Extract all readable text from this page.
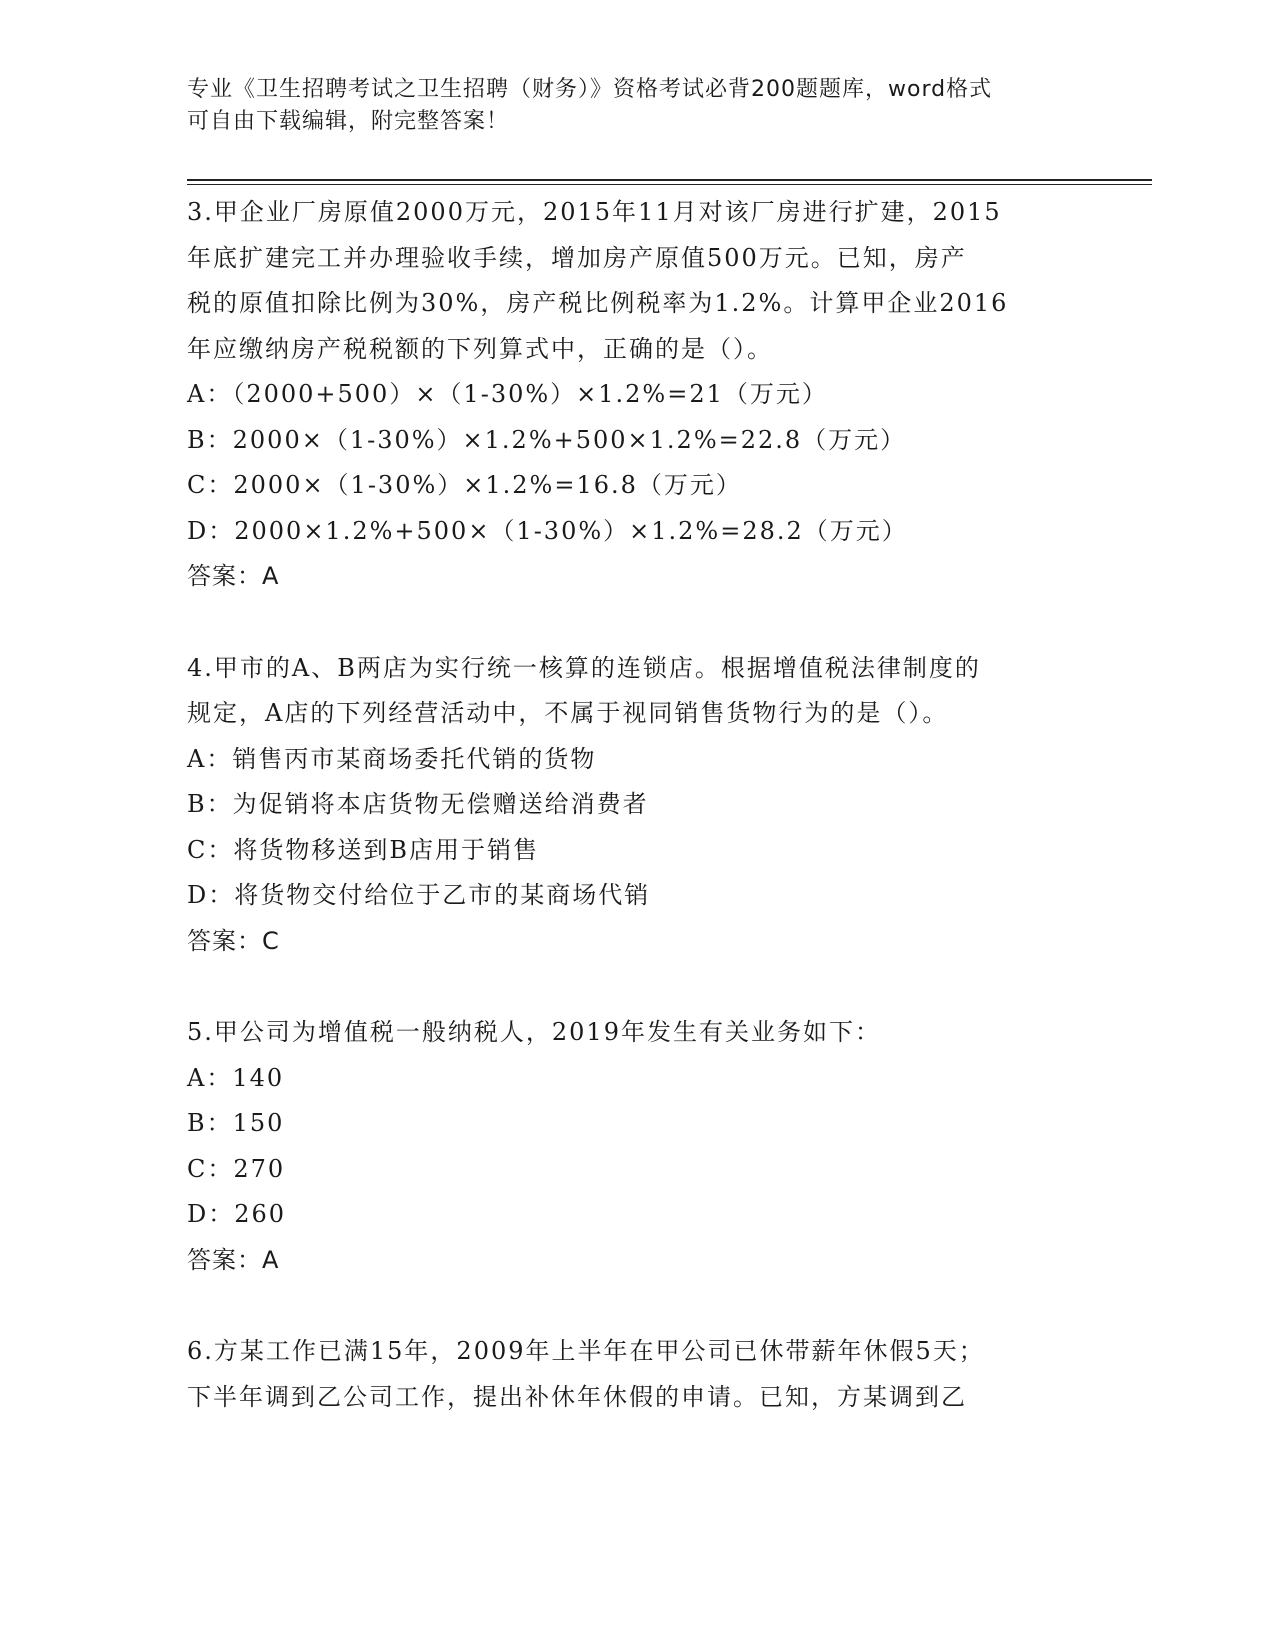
专业《卫生招聘考试之卫生招聘（财务）》资格考试必背200题题库，word格式
可自由下载编辑，附完整答案！

3.甲企业厂房原值2000万元，2015年11月对该厂房进行扩建，2015

年底扩建完工并办理验收手续，增加房产原值500万元。已知，房产

税的原值扣除比例为30%，房产税比例税率为1.2%。计算甲企业2016

年应缴纳房产税税额的下列算式中，正确的是（）。

A：（2000+500）×（1-30%）×1.2%=21（万元）

B：2000×（1-30%）×1.2%+500×1.2%=22.8（万元）

C：2000×（1-30%）×1.2%=16.8（万元）

D：2000×1.2%+500×（1-30%）×1.2%=28.2（万元）

答案：A

4.甲市的A、B两店为实行统一核算的连锁店。根据增值税法律制度的

规定，A店的下列经营活动中，不属于视同销售货物行为的是（）。

A：销售丙市某商场委托代销的货物

B：为促销将本店货物无偿赠送给消费者

C：将货物移送到B店用于销售

D：将货物交付给位于乙市的某商场代销

答案：C

5.甲公司为增值税一般纳税人，2019年发生有关业务如下：

A：140

B：150

C：270

D：260

答案：A

6.方某工作已满15年，2009年上半年在甲公司已休带薪年休假5天；

下半年调到乙公司工作，提出补休年休假的申请。已知，方某调到乙
